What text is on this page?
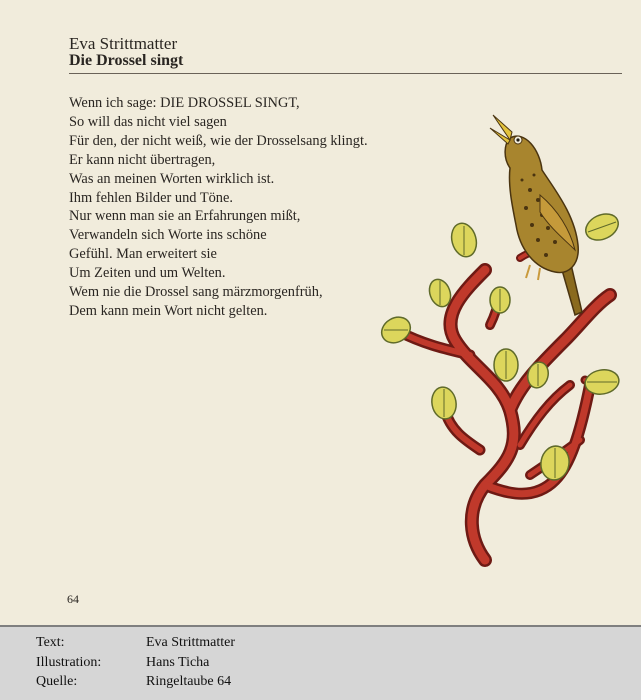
Eva Strittmatter
Die Drossel singt
Wenn ich sage: DIE DROSSEL SINGT,
So will das nicht viel sagen
Für den, der nicht weiß, wie der Drosselsang klingt.
Er kann nicht übertragen,
Was an meinen Worten wirklich ist.
Ihm fehlen Bilder und Töne.
Nur wenn man sie an Erfahrungen mißt,
Verwandeln sich Worte ins schöne
Gefühl. Man erweitert sie
Um Zeiten und um Welten.
Wem nie die Drossel sang märzmorgenfrüh,
Dem kann mein Wort nicht gelten.
64
Text:	Eva Strittmatter
Illustration:	Hans Ticha
Quelle:	Ringeltaube 64
